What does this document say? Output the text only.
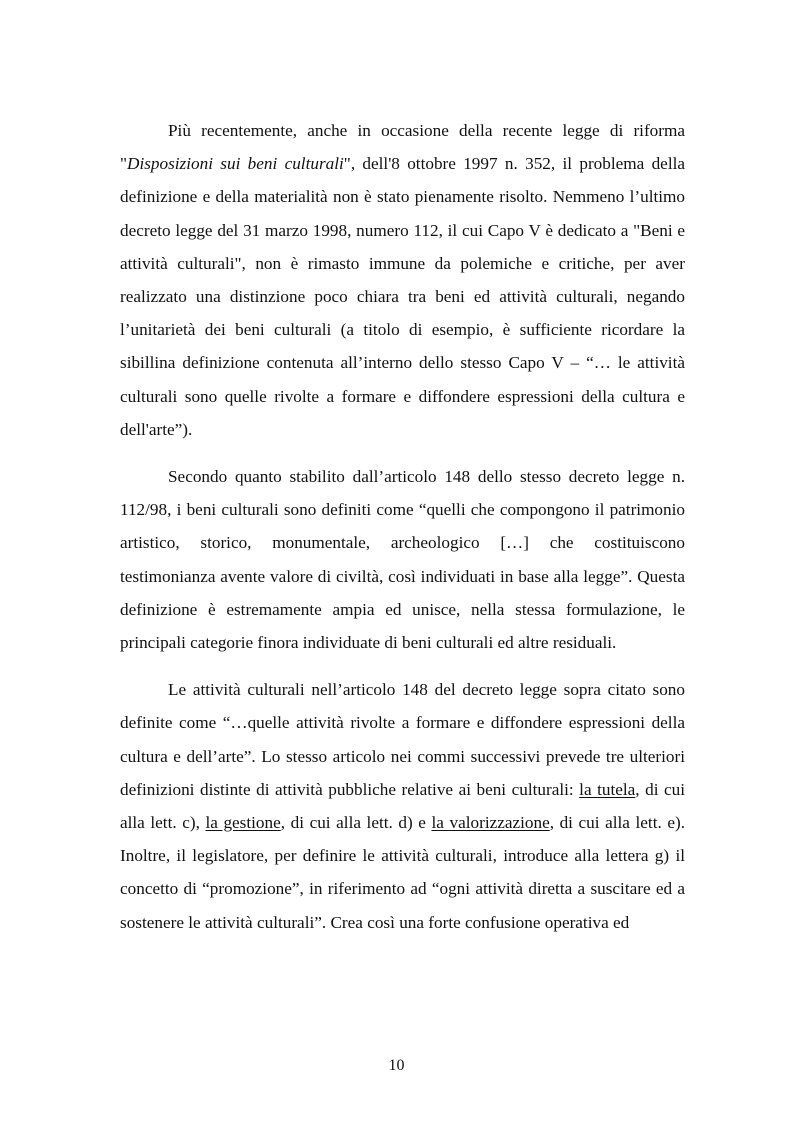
Più recentemente, anche in occasione della recente legge di riforma "Disposizioni sui beni culturali", dell'8 ottobre 1997 n. 352, il problema della definizione e della materialità non è stato pienamente risolto. Nemmeno l’ultimo decreto legge del 31 marzo 1998, numero 112, il cui Capo V è dedicato a "Beni e attività culturali", non è rimasto immune da polemiche e critiche, per aver realizzato una distinzione poco chiara tra beni ed attività culturali, negando l’unitarietà dei beni culturali (a titolo di esempio, è sufficiente ricordare la sibillina definizione contenuta all’interno dello stesso Capo V – “… le attività culturali sono quelle rivolte a formare e diffondere espressioni della cultura e dell'arte”).

Secondo quanto stabilito dall’articolo 148 dello stesso decreto legge n. 112/98, i beni culturali sono definiti come “quelli che compongono il patrimonio artistico, storico, monumentale, archeologico […] che costituiscono testimonianza avente valore di civiltà, così individuati in base alla legge”. Questa definizione è estremamente ampia ed unisce, nella stessa formulazione, le principali categorie finora individuate di beni culturali ed altre residuali.

Le attività culturali nell’articolo 148 del decreto legge sopra citato sono definite come “…quelle attività rivolte a formare e diffondere espressioni della cultura e dell’arte”. Lo stesso articolo nei commi successivi prevede tre ulteriori definizioni distinte di attività pubbliche relative ai beni culturali: la tutela, di cui alla lett. c), la gestione, di cui alla lett. d) e la valorizzazione, di cui alla lett. e). Inoltre, il legislatore, per definire le attività culturali, introduce alla lettera g) il concetto di “promozione”, in riferimento ad “ogni attività diretta a suscitare ed a sostenere le attività culturali”. Crea così una forte confusione operativa ed

10
